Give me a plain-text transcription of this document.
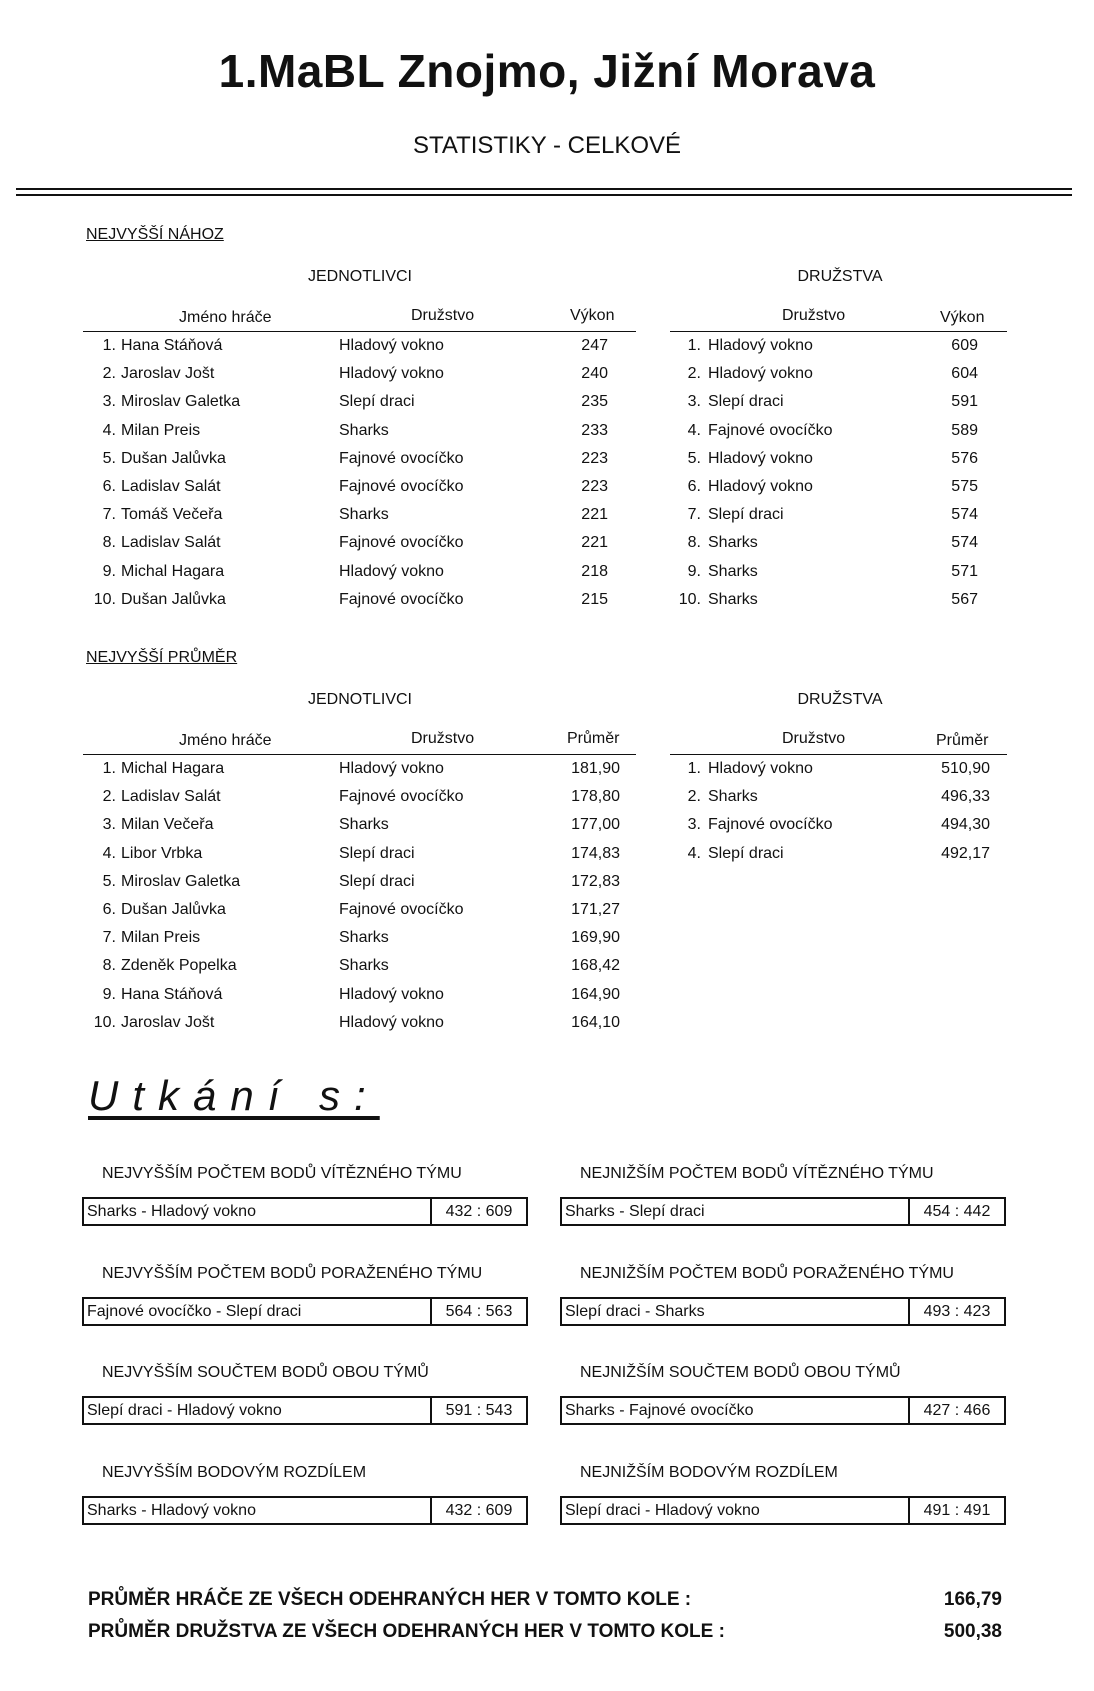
1.MaBL Znojmo, Jižní Morava
STATISTIKY - CELKOVÉ
NEJVYŠŠÍ NÁHOZ
JEDNOTLIVCI	DRUŽSTVA
Jméno hráče	Družstvo	Výkon	Družstvo	Výkon
1. Hana Stáňová	Hladový vokno	247
2. Jaroslav Jošt	Hladový vokno	240
3. Miroslav Galetka	Slepí draci	235
4. Milan Preis	Sharks	233
5. Dušan Jalůvka	Fajnové ovocíčko	223
6. Ladislav Salát	Fajnové ovocíčko	223
7. Tomáš Večeřa	Sharks	221
8. Ladislav Salát	Fajnové ovocíčko	221
9. Michal Hagara	Hladový vokno	218
10. Dušan Jalůvka	Fajnové ovocíčko	215
1. Hladový vokno	609
2. Hladový vokno	604
3. Slepí draci	591
4. Fajnové ovocíčko	589
5. Hladový vokno	576
6. Hladový vokno	575
7. Slepí draci	574
8. Sharks	574
9. Sharks	571
10. Sharks	567
NEJVYŠŠÍ PRŮMĚR
JEDNOTLIVCI	DRUŽSTVA
Jméno hráče	Družstvo	Průměr	Družstvo	Průměr
1. Michal Hagara	Hladový vokno	181,90
2. Ladislav Salát	Fajnové ovocíčko	178,80
3. Milan Večeřa	Sharks	177,00
4. Libor Vrbka	Slepí draci	174,83
5. Miroslav Galetka	Slepí draci	172,83
6. Dušan Jalůvka	Fajnové ovocíčko	171,27
7. Milan Preis	Sharks	169,90
8. Zdeněk Popelka	Sharks	168,42
9. Hana Stáňová	Hladový vokno	164,90
10. Jaroslav Jošt	Hladový vokno	164,10
1. Hladový vokno	510,90
2. Sharks	496,33
3. Fajnové ovocíčko	494,30
4. Slepí draci	492,17
Utkání s:
NEJVYŠŠÍM POČTEM BODŮ VÍTĚZNÉHO TÝMU
Sharks - Hladový vokno	432 : 609
NEJVYŠŠÍM POČTEM BODŮ PORAŽENÉHO TÝMU
Fajnové ovocíčko - Slepí draci	564 : 563
NEJVYŠŠÍM SOUČTEM BODŮ OBOU TÝMŮ
Slepí draci - Hladový vokno	591 : 543
NEJVYŠŠÍM BODOVÝM ROZDÍLEM
Sharks - Hladový vokno	432 : 609
NEJNIŽŠÍM POČTEM BODŮ VÍTĚZNÉHO TÝMU
Sharks - Slepí draci	454 : 442
NEJNIŽŠÍM POČTEM BODŮ PORAŽENÉHO TÝMU
Slepí draci - Sharks	493 : 423
NEJNIŽŠÍM SOUČTEM BODŮ OBOU TÝMŮ
Sharks - Fajnové ovocíčko	427 : 466
NEJNIŽŠÍM BODOVÝM ROZDÍLEM
Slepí draci - Hladový vokno	491 : 491
PRŮMĚR HRÁČE ZE VŠECH ODEHRANÝCH HER V TOMTO KOLE :	166,79
PRŮMĚR DRUŽSTVA ZE VŠECH ODEHRANÝCH HER V TOMTO KOLE :	500,38
